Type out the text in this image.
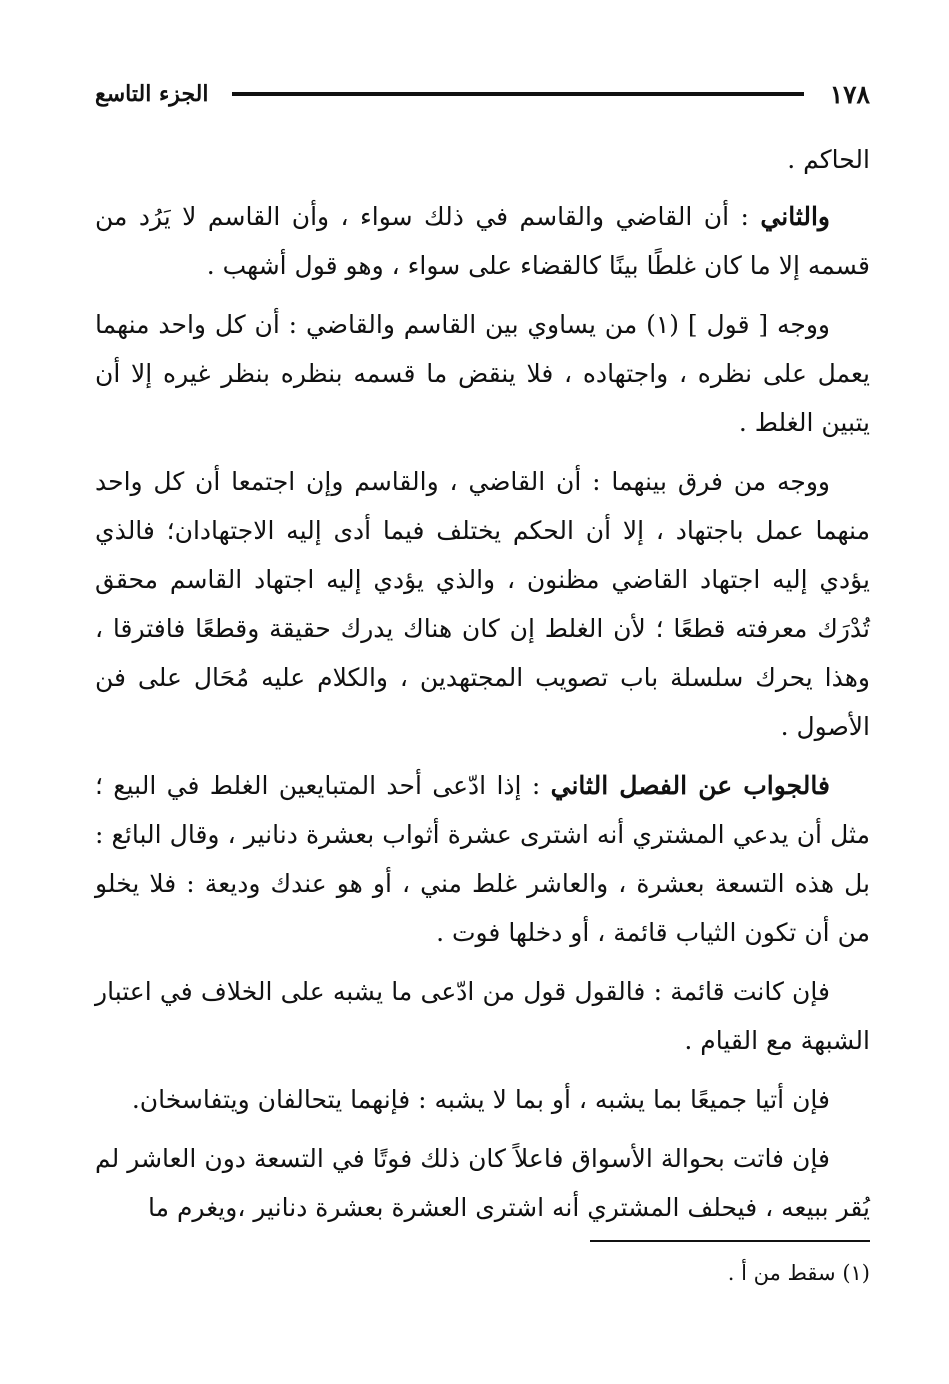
١٧٨
الجزء التاسع

الحاكم .

والثاني : أن القاضي والقاسم في ذلك سواء ، وأن القاسم لا يَرُد من قسمه إلا ما كان غلطًا بينًا كالقضاء على سواء ، وهو قول أشهب .

ووجه [ قول ] (١) من يساوي بين القاسم والقاضي : أن كل واحد منهما يعمل على نظره ، واجتهاده ، فلا ينقض ما قسمه بنظره بنظر غيره إلا أن يتبين الغلط .

ووجه من فرق بينهما : أن القاضي ، والقاسم وإن اجتمعا أن كل واحد منهما عمل باجتهاد ، إلا أن الحكم يختلف فيما أدى إليه الاجتهادان؛ فالذي يؤدي إليه اجتهاد القاضي مظنون ، والذي يؤدي إليه اجتهاد القاسم محقق تُدْرَك معرفته قطعًا ؛ لأن الغلط إن كان هناك يدرك حقيقة وقطعًا فافترقا ، وهذا يحرك سلسلة باب تصويب المجتهدين ، والكلام عليه مُحَال على فن الأصول .

فالجواب عن الفصل الثاني : إذا ادّعى أحد المتبايعين الغلط في البيع ؛ مثل أن يدعي المشتري أنه اشترى عشرة أثواب بعشرة دنانير ، وقال البائع : بل هذه التسعة بعشرة ، والعاشر غلط مني ، أو هو عندك وديعة : فلا يخلو من أن تكون الثياب قائمة ، أو دخلها فوت .

فإن كانت قائمة : فالقول قول من ادّعى ما يشبه على الخلاف في اعتبار الشبهة مع القيام .

فإن أتيا جميعًا بما يشبه ، أو بما لا يشبه : فإنهما يتحالفان ويتفاسخان.

فإن فاتت بحوالة الأسواق فاعلاً كان ذلك فوتًا في التسعة دون العاشر لم يُقر ببيعه ، فيحلف المشتري أنه اشترى العشرة بعشرة دنانير ،ويغرم ما

(١) سقط من أ .
